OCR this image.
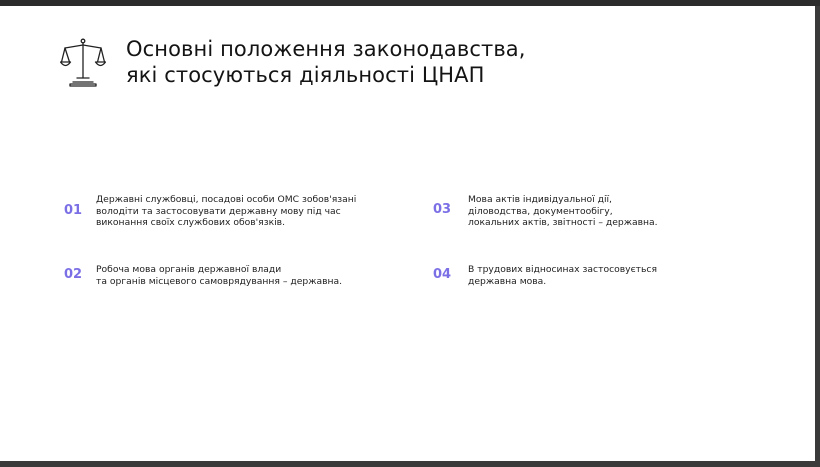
Основні положення законодавства,
які стосуються діяльності ЦНАП
01
Державні службовці, посадові особи ОМС зобов'язані
володіти та застосовувати державну мову під час
виконання своїх службових обов'язків.
02 Робоча мова органів державної влади
та органів місцевого самоврядування – державна.
03
Мова актів індивідуальної дії,
діловодства, документообігу,
локальних актів, звітності – державна.
04 В трудових відносинах застосовується
державна мова.
